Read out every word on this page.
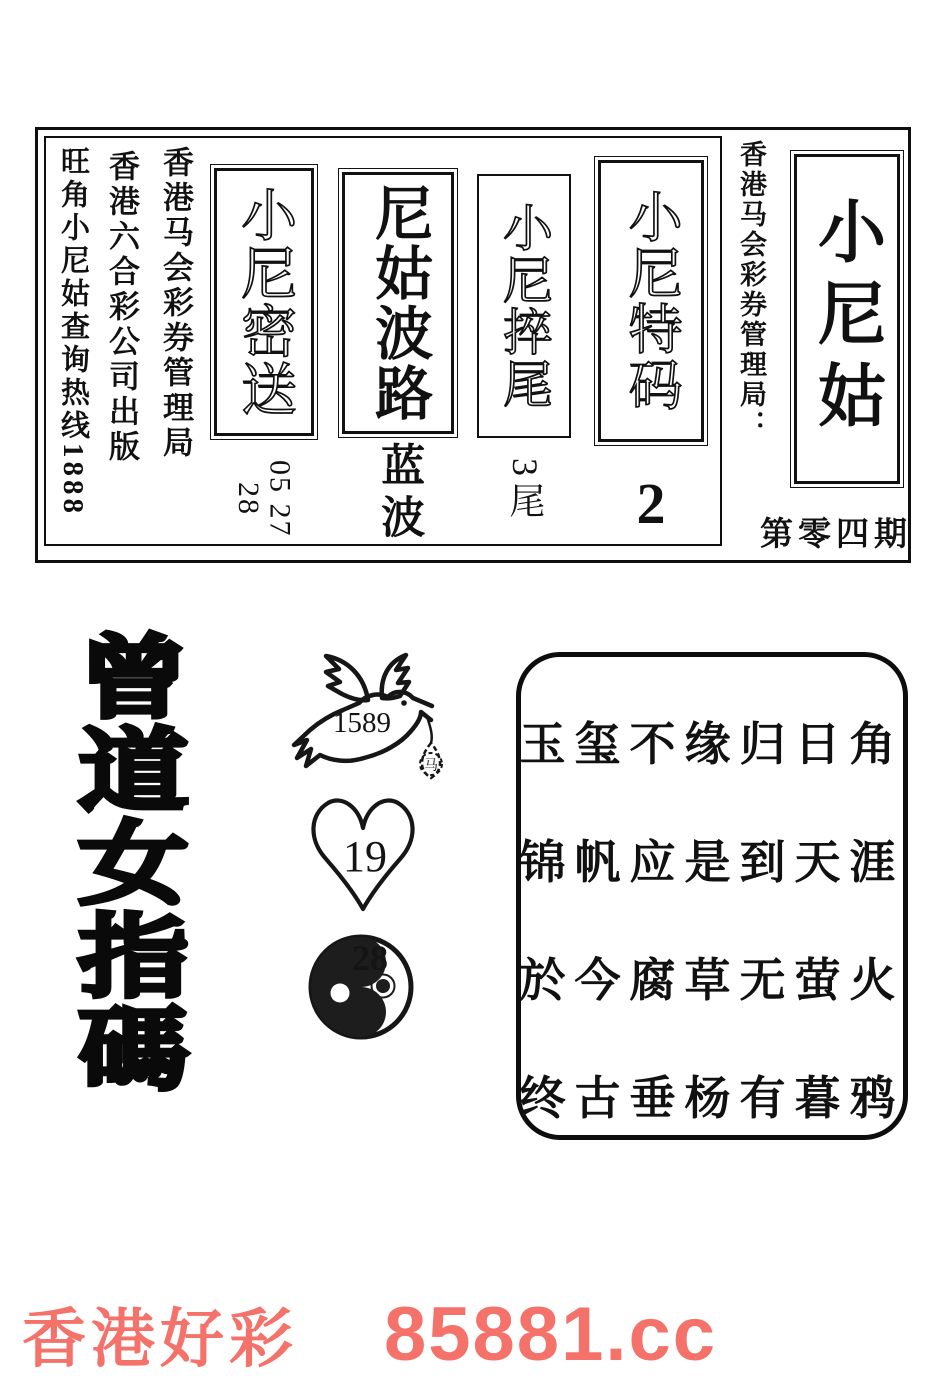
旺角小尼姑查询热线1888 香港六合彩公司出版 香港马会彩券管理局 小尼密送
05 27 28
尼姑波路
蓝波
小尼捽尾
3尾
小尼特码
2
香港马会彩券管理局： 小尼姑
第零四期
曾道女指碼	马
1589
19
28
玉玺不缘归日角
锦帆应是到天涯
於今腐草无萤火
终古垂杨有暮鸦
香港好彩 85881.cc
